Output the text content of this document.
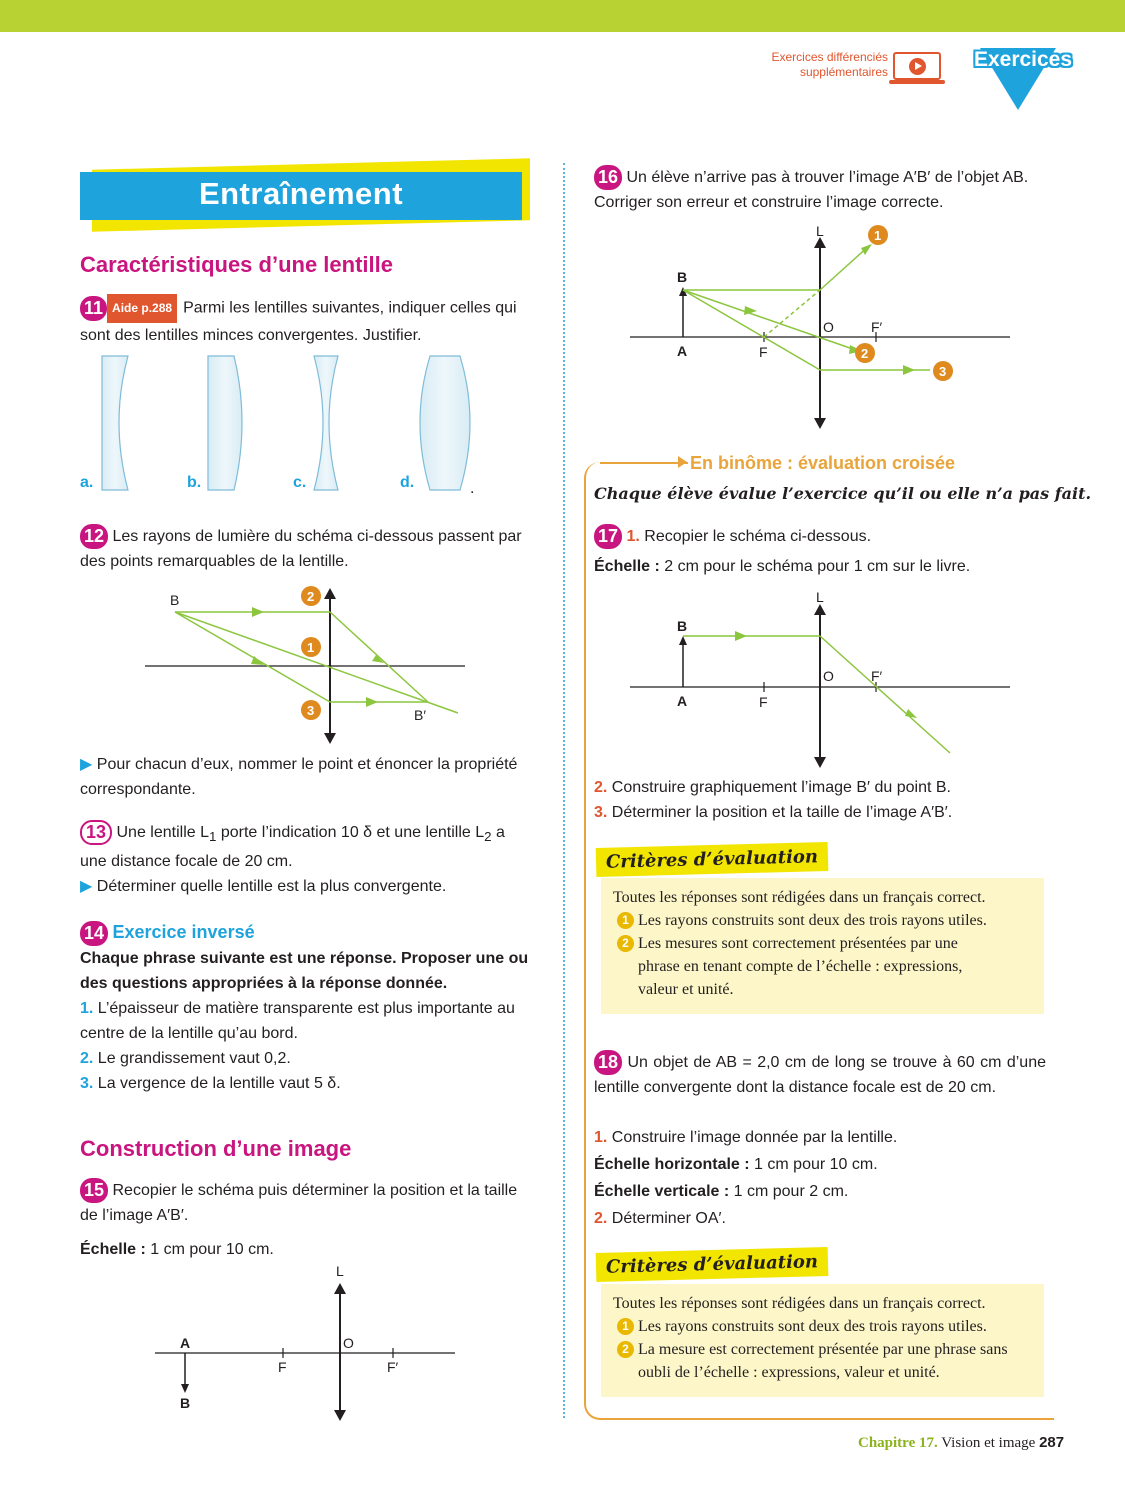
Exercices différenciés supplémentaires
Exercices
Entraînement
Caractéristiques d’une lentille
11 Aide p.288 Parmi les lentilles suivantes, indiquer celles qui sont des lentilles minces convergentes. Justifier.
a.	b.	c.	d.	.
12 Les rayons de lumière du schéma ci-dessous passent par des points remarquables de la lentille.
B
B′
2
1
3
▶ Pour chacun d’eux, nommer le point et énoncer la propriété correspondante.
13 Une lentille $L_1$ porte l’indication 10 δ et une lentille $L_2$ a une distance focale de 20 cm.
▶ Déterminer quelle lentille est la plus convergente.
14 Exercice inversé
Chaque phrase suivante est une réponse. Proposer une ou des questions appropriées à la réponse donnée.
1. L’épaisseur de matière transparente est plus importante au centre de la lentille qu’au bord.
2. Le grandissement vaut 0,2.
3. La vergence de la lentille vaut 5 δ.
Construction d’une image
15 Recopier le schéma puis déterminer la position et la taille de l’image A′B′.
Échelle : 1 cm pour 10 cm.
L
A
B
O
F	F′
16 Un élève n’arrive pas à trouver l’image A′B′ de l’objet AB. Corriger son erreur et construire l’image correcte.
L
B
A
O
F
F′
1
2
3
En binôme : évaluation croisée
Chaque élève évalue l’exercice qu’il ou elle n’a pas fait.
17 1. Recopier le schéma ci-dessous.
Échelle : 2 cm pour le schéma pour 1 cm sur le livre.
L
B
A
O
F
F′
2. Construire graphiquement l’image B′ du point B.
3. Déterminer la position et la taille de l’image A′B′.
Critères d’évaluation
Toutes les réponses sont rédigées dans un français correct.
1 Les rayons construits sont deux des trois rayons utiles.
2 Les mesures sont correctement présentées par une phrase en tenant compte de l’échelle : expressions, valeur et unité.
18 Un objet de AB = 2,0 cm de long se trouve à 60 cm d’une lentille convergente dont la distance focale est de 20 cm.
1. Construire l’image donnée par la lentille.
Échelle horizontale : 1 cm pour 10 cm.
Échelle verticale : 1 cm pour 2 cm.
2. Déterminer OA′.
Critères d’évaluation
Toutes les réponses sont rédigées dans un français correct.
1 Les rayons construits sont deux des trois rayons utiles.
2 La mesure est correctement présentée par une phrase sans oubli de l’échelle : expressions, valeur et unité.
Chapitre 17. Vision et image 287
